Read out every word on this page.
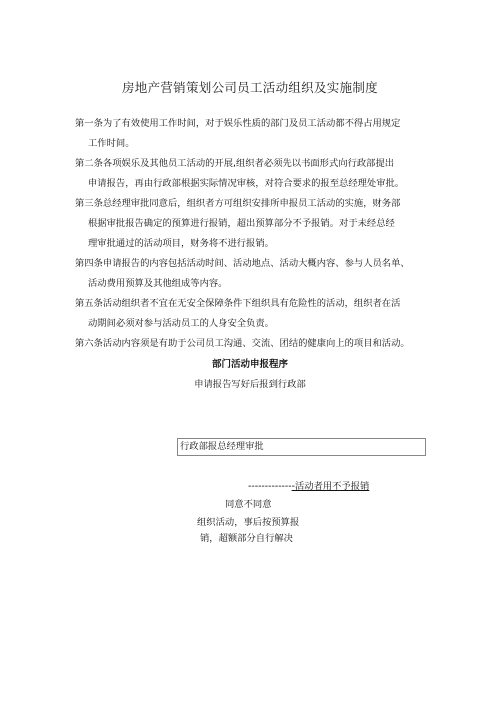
房地产营销策划公司员工活动组织及实施制度

第一条为了有效使用工作时间，对于娱乐性质的部门及员工活动都不得占用规定
工作时间。

第二条各项娱乐及其他员工活动的开展,组织者必须先以书面形式向行政部提出
申请报告，再由行政部根据实际情况审核，对符合要求的报至总经理处审批。

第三条总经理审批同意后，组织者方可组织安排所申报员工活动的实施，财务部
根据审批报告确定的预算进行报销，超出预算部分不予报销。对于未经总经
理审批通过的活动项目，财务将不进行报销。

第四条申请报告的内容包括活动时间、活动地点、活动大概内容、参与人员名单、
活动费用预算及其他组成等内容。

第五条活动组织者不宜在无安全保障条件下组织具有危险性的活动，组织者在活
动期间必须对参与活动员工的人身安全负责。

第六条活动内容须是有助于公司员工沟通、交流、团结的健康向上的项目和活动。

部门活动申报程序
申请报告写好后报到行政部
行政部报总经理审批
--------------活动者用不予报销
同意不同意
组织活动，事后按预算报
销，超额部分自行解决
